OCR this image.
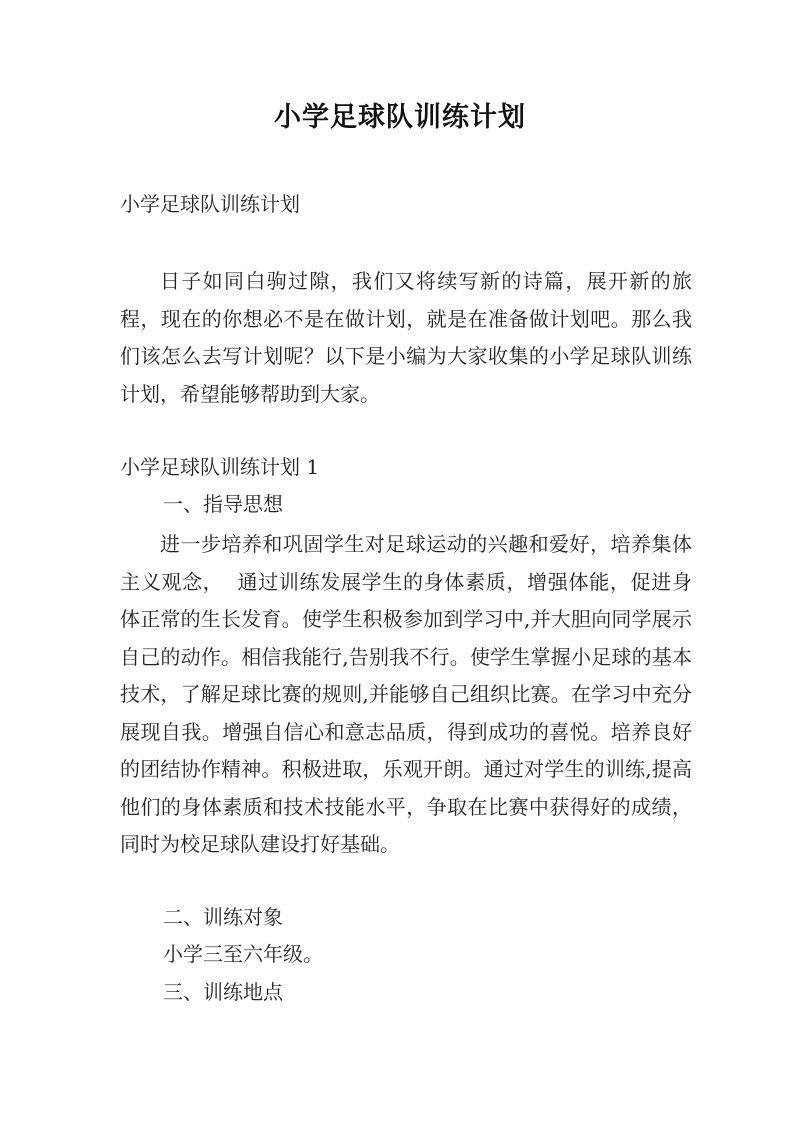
小学足球队训练计划
小学足球队训练计划
日子如同白驹过隙，我们又将续写新的诗篇，展开新的旅程，现在的你想必不是在做计划，就是在准备做计划吧。那么我们该怎么去写计划呢？以下是小编为大家收集的小学足球队训练计划，希望能够帮助到大家。
小学足球队训练计划 1
一、指导思想
进一步培养和巩固学生对足球运动的兴趣和爱好，培养集体主义观念，  通过训练发展学生的身体素质，增强体能，促进身体正常的生长发育。使学生积极参加到学习中,并大胆向同学展示自己的动作。相信我能行,告别我不行。使学生掌握小足球的基本技术，了解足球比赛的规则,并能够自己组织比赛。在学习中充分展现自我。增强自信心和意志品质，得到成功的喜悦。培养良好的团结协作精神。积极进取，乐观开朗。通过对学生的训练,提高他们的身体素质和技术技能水平，争取在比赛中获得好的成绩，同时为校足球队建设打好基础。
二、训练对象
小学三至六年级。
三、训练地点
